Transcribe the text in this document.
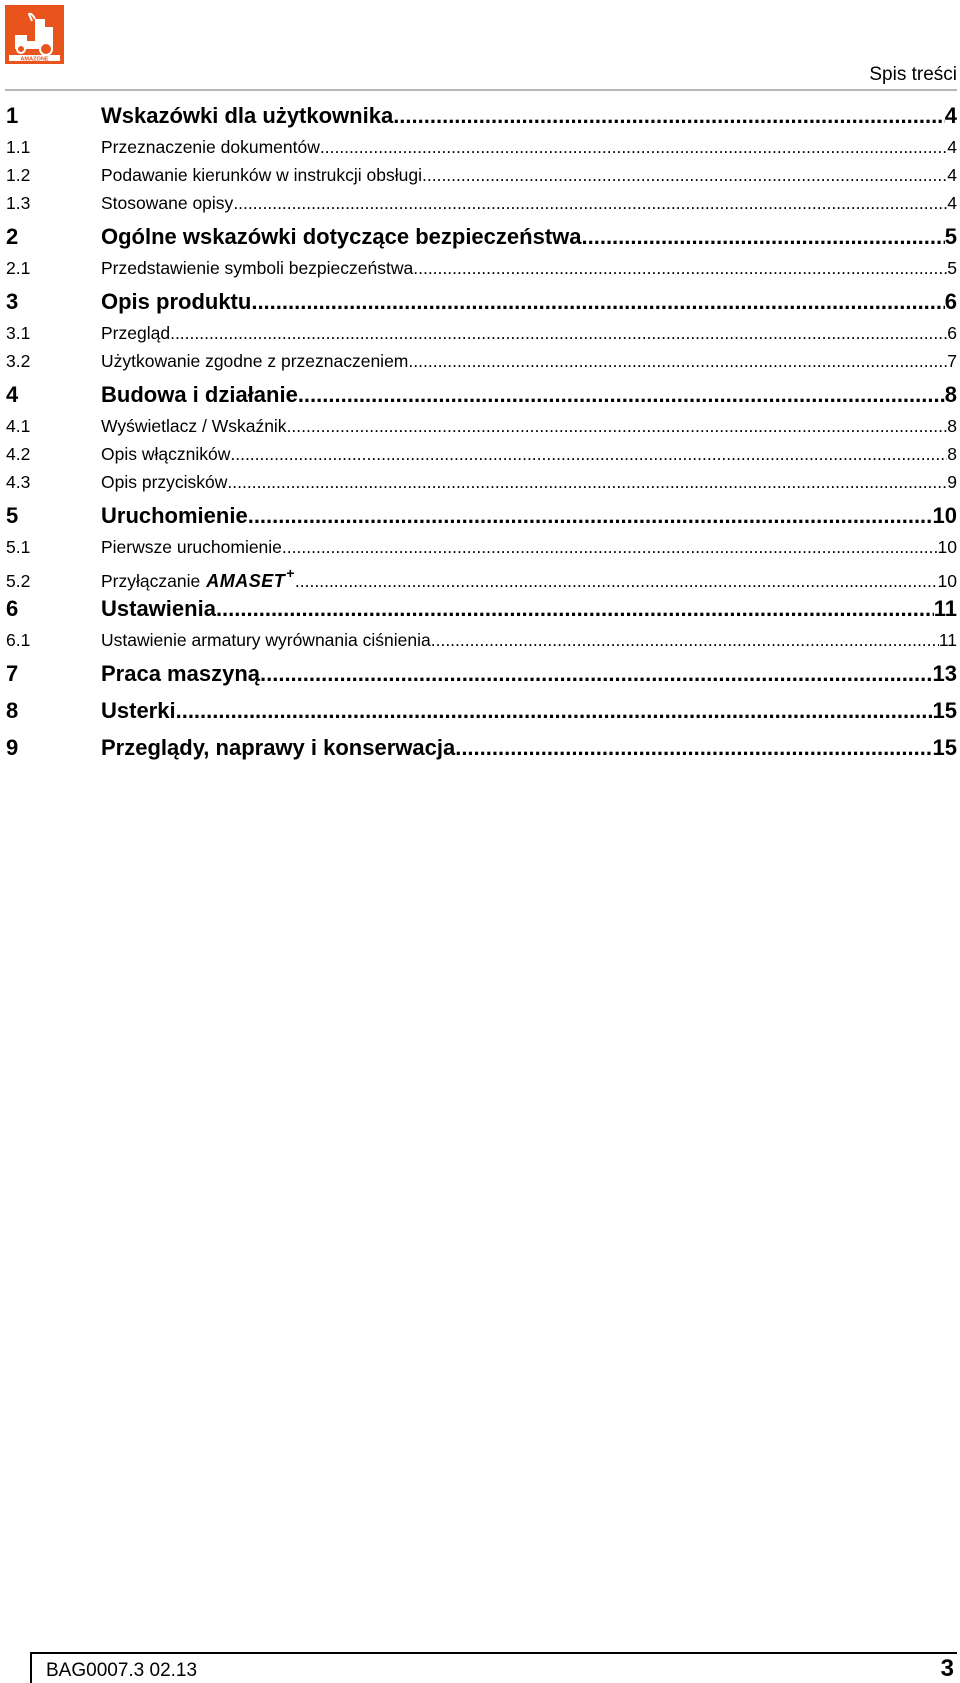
AMAZONE
Spis treści
1	Wskazówki dla użytkownika .....	4
1.1	Przeznaczenie dokumentów .....	4
1.2	Podawanie kierunków w instrukcji obsługi .....	4
1.3	Stosowane opisy .....	4
2	Ogólne wskazówki dotyczące bezpieczeństwa .....	5
2.1	Przedstawienie symboli bezpieczeństwa .....	5
3	Opis produktu .....	6
3.1	Przegląd .....	6
3.2	Użytkowanie zgodne z przeznaczeniem .....	7
4	Budowa i działanie .....	8
4.1	Wyświetlacz / Wskaźnik .....	8
4.2	Opis włączników .....	8
4.3	Opis przycisków .....	9
5	Uruchomienie .....	10
5.1	Pierwsze uruchomienie .....	10
5.2	Przyłączanie AMASET+ .....	10
6	Ustawienia .....	11
6.1	Ustawienie armatury wyrównania ciśnienia .....	11
7	Praca maszyną .....	13
8	Usterki .....	15
9	Przeglądy, naprawy i konserwacja .....	15
BAG0007.3 02.13	3
